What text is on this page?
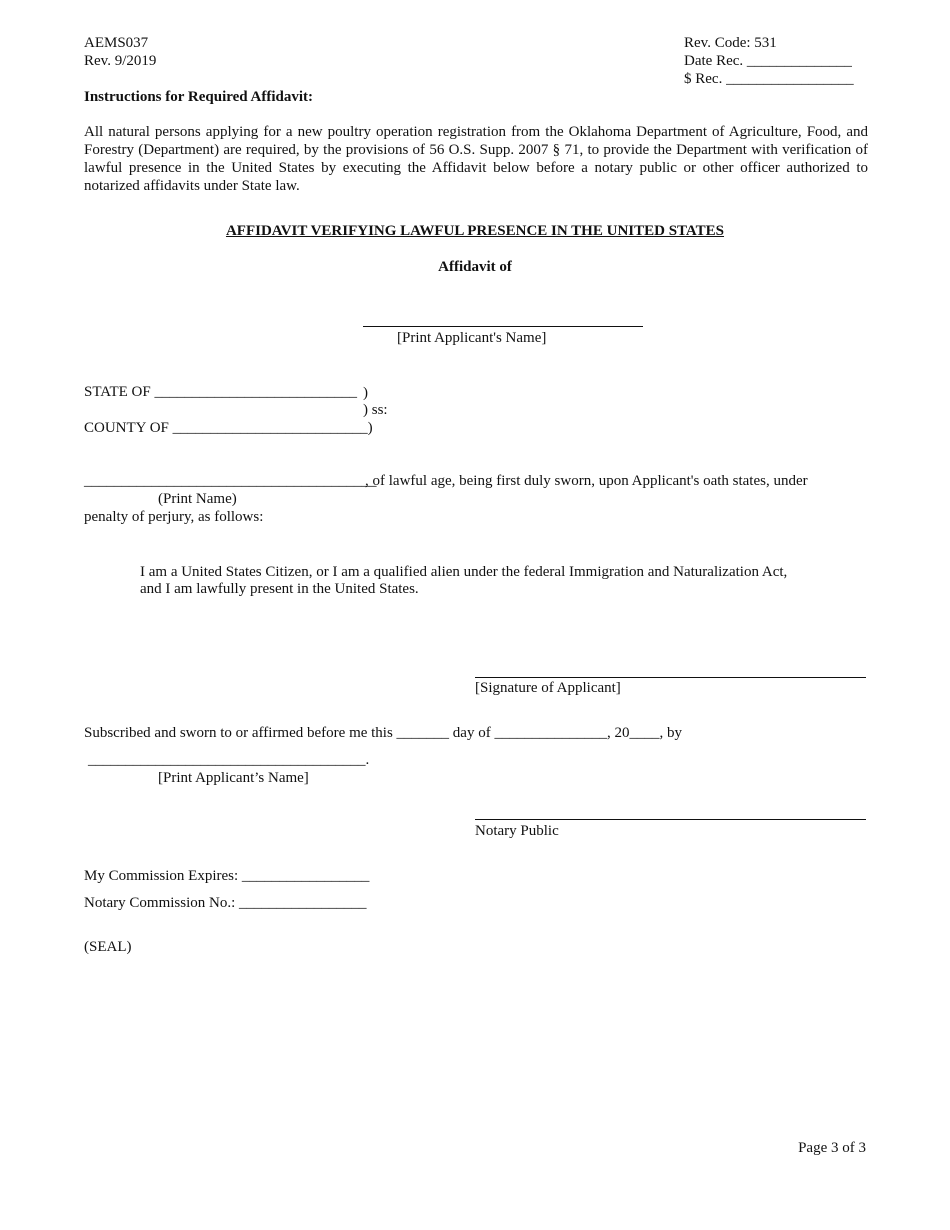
AEMS037
Rev. 9/2019
Rev. Code: 531
Date Rec. ______________
$ Rec. _________________
Instructions for Required Affidavit:
All natural persons applying for a new poultry operation registration from the Oklahoma Department of Agriculture, Food, and Forestry (Department) are required, by the provisions of 56 O.S. Supp. 2007 § 71, to provide the Department with verification of lawful presence in the United States by executing the Affidavit below before a notary public or other officer authorized to notarized affidavits under State law.
AFFIDAVIT VERIFYING LAWFUL PRESENCE IN THE UNITED STATES
Affidavit of
[Print Applicant's Name]
STATE OF ___________________________ )
) ss:
COUNTY OF __________________________)
_______________________________________
, of lawful age, being first duly sworn, upon Applicant's oath states, under
(Print Name)
penalty of perjury, as follows:
I am a United States Citizen, or I am a qualified alien under the federal Immigration and Naturalization Act,
and I am lawfully present in the United States.
[Signature of Applicant]
Subscribed and sworn to or affirmed before me this _______ day of _______________, 20____, by
_____________________________________.
[Print Applicant’s Name]
Notary Public
My Commission Expires: _________________
Notary Commission No.: _________________
(SEAL)
Page 3 of 3
